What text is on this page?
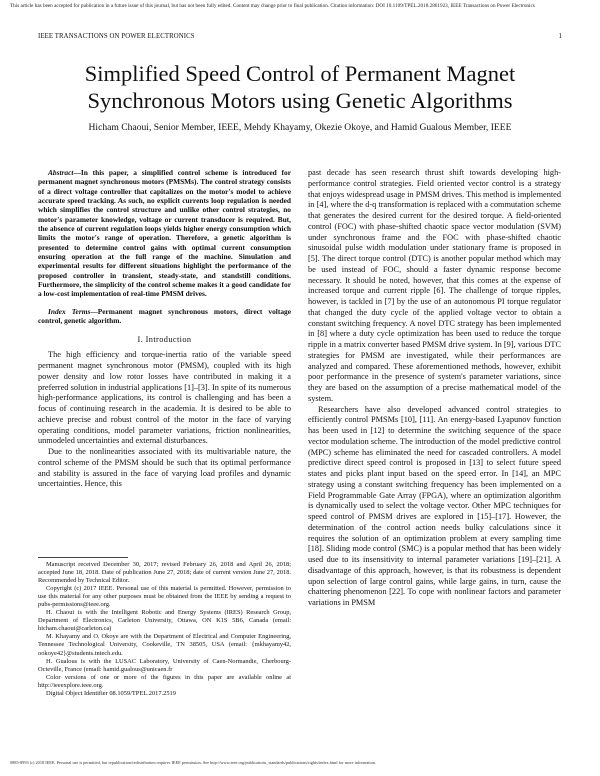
This article has been accepted for publication in a future issue of this journal, but has not been fully edited. Content may change prior to final publication. Citation information: DOI 10.1109/TPEL.2018.2861923, IEEE Transactions on Power Electronics
IEEE TRANSACTIONS ON POWER ELECTRONICS	1
Simplified Speed Control of Permanent Magnet Synchronous Motors using Genetic Algorithms
Hicham Chaoui, Senior Member, IEEE, Mehdy Khayamy, Okezie Okoye, and Hamid Gualous Member, IEEE

Abstract—In this paper, a simplified control scheme is introduced for permanent magnet synchronous motors (PMSMs). The control strategy consists of a direct voltage controller that capitalizes on the motor's model to achieve accurate speed tracking. As such, no explicit currents loop regulation is needed which simplifies the control structure and unlike other control strategies, no motor's parameter knowledge, voltage or current transducer is required. But, the absence of current regulation loops yields higher energy consumption which limits the motor's range of operation. Therefore, a genetic algorithm is presented to determine control gains with optimal current consumption ensuring operation at the full range of the machine. Simulation and experimental results for different situations highlight the performance of the proposed controller in transient, steady-state, and standstill conditions. Furthermore, the simplicity of the control scheme makes it a good candidate for a low-cost implementation of real-time PMSM drives.

Index Terms—Permanent magnet synchronous motors, direct voltage control, genetic algorithm.

I. Introduction

The high efficiency and torque-inertia ratio of the variable speed permanent magnet synchronous motor (PMSM), coupled with its high power density and low rotor losses have contributed in making it a preferred solution in industrial applications [1]–[3]. In spite of its numerous high-performance applications, its control is challenging and has been a focus of continuing research in the academia. It is desired to be able to achieve precise and robust control of the motor in the face of varying operating conditions, model parameter variations, friction nonlinearities, unmodeled uncertainties and external disturbances.

Due to the nonlinearities associated with its multivariable nature, the control scheme of the PMSM should be such that its optimal performance and stability is assured in the face of varying load profiles and dynamic uncertainties. Hence, this

Manuscript received December 30, 2017; revised February 26, 2018 and April 26, 2018; accepted June 18, 2018. Date of publication June 27, 2018; date of current version June 27, 2018. Recommended by Technical Editor.

Copyright (c) 2017 IEEE. Personal use of this material is permitted. However, permission to use this material for any other purposes must be obtained from the IEEE by sending a request to pubs-permissions@ieee.org.

H. Chaoui is with the Intelligent Robotic and Energy Systems (IRES) Research Group, Department of Electronics, Carleton University, Ottawa, ON K1S 5B6, Canada (email: hicham.chaoui@carleton.ca)

M. Khayamy and O. Okoye are with the Department of Electrical and Computer Engineering, Tennessee Technological University, Cookeville, TN 38505, USA (email: {mkhayamy42, ookoye42}@students.tntech.edu.

H. Gualous is with the LUSAC Laboratory, University of Caen-Normandie, Cherbourg-Octeville, France (email: hamid.gualous@unicaen.fr

Color versions of one or more of the figures in this paper are available online at http://ieeexplore.ieee.org.

Digital Object Identifier 08.1059/TPEL.2017.2519

past decade has seen research thrust shift towards developing high-performance control strategies. Field oriented vector control is a strategy that enjoys widespread usage in PMSM drives. This method is implemented in [4], where the d-q transformation is replaced with a commutation scheme that generates the desired current for the desired torque. A field-oriented control (FOC) with phase-shifted chaotic space vector modulation (SVM) under synchronous frame and the FOC with phase-shifted chaotic sinusoidal pulse width modulation under stationary frame is proposed in [5]. The direct torque control (DTC) is another popular method which may be used instead of FOC, should a faster dynamic response become necessary. It should be noted, however, that this comes at the expense of increased torque and current ripple [6]. The challenge of torque ripples, however, is tackled in [7] by the use of an autonomous PI torque regulator that changed the duty cycle of the applied voltage vector to obtain a constant switching frequency. A novel DTC strategy has been implemented in [8] where a duty cycle optimization has been used to reduce the torque ripple in a matrix converter based PMSM drive system. In [9], various DTC strategies for PMSM are investigated, while their performances are analyzed and compared. These aforementioned methods, however, exhibit poor performance in the presence of system's parameter variations, since they are based on the assumption of a precise mathematical model of the system.

Researchers have also developed advanced control strategies to efficiently control PMSMs [10], [11]. An energy-based Lyapunov function has been used in [12] to determine the switching sequence of the space vector modulation scheme. The introduction of the model predictive control (MPC) scheme has eliminated the need for cascaded controllers. A model predictive direct speed control is proposed in [13] to select future speed states and picks plant input based on the speed error. In [14], an MPC strategy using a constant switching frequency has been implemented on a Field Programmable Gate Array (FPGA), where an optimization algorithm is dynamically used to select the voltage vector. Other MPC techniques for speed control of PMSM drives are explored in [15]–[17]. However, the determination of the control action needs bulky calculations since it requires the solution of an optimization problem at every sampling time [18]. Sliding mode control (SMC) is a popular method that has been widely used due to its insensitivity to internal parameter variations [19]–[21]. A disadvantage of this approach, however, is that its robustness is dependent upon selection of large control gains, while large gains, in turn, cause the chattering phenomenon [22]. To cope with nonlinear factors and parameter variations in PMSM

0885-8993 (c) 2018 IEEE. Personal use is permitted, but republication/redistribution requires IEEE permission. See http://www.ieee.org/publications_standards/publications/rights/index.html for more information.
